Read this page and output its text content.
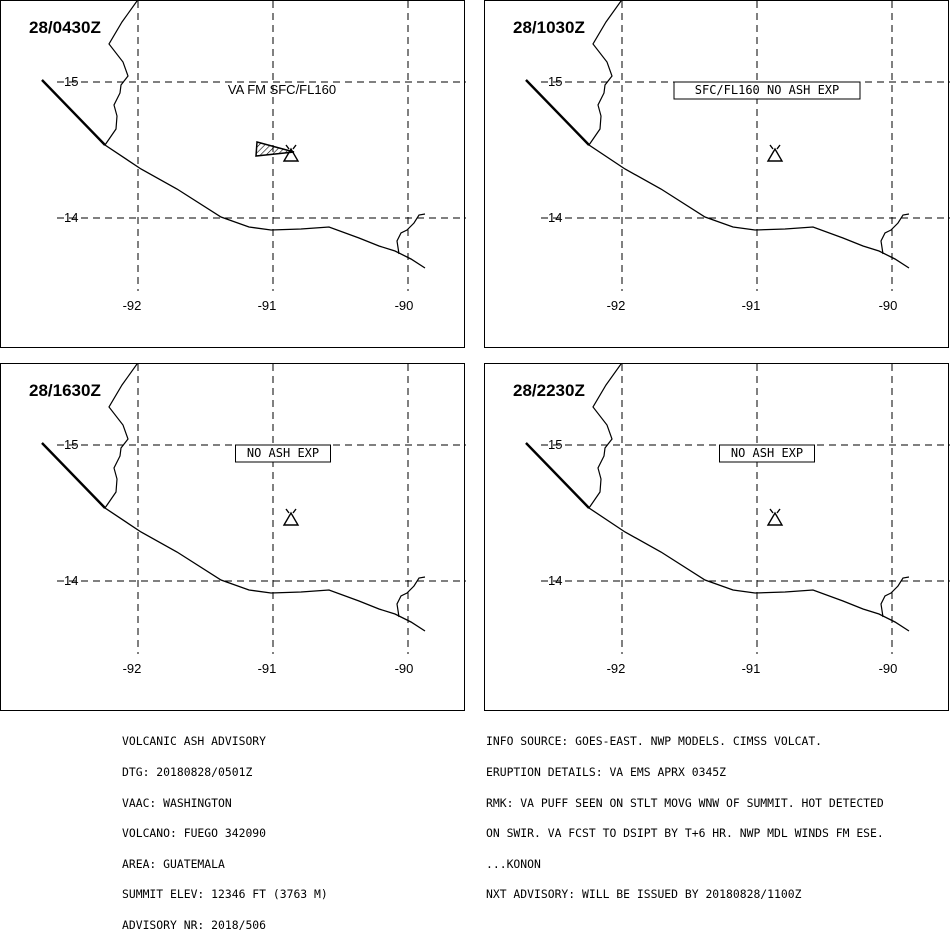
15
14
-92	-91	-90
VA FM SFC/FL160
28/0430Z
15
14
-92	-91	-90
SFC/FL160 NO ASH EXP
28/1030Z
15
14
-92	-91	-90
NO ASH EXP
28/1630Z
15
14
-92	-91	-90
NO ASH EXP
28/2230Z

VOLCANIC ASH ADVISORY

DTG: 20180828/0501Z

VAAC: WASHINGTON

VOLCANO: FUEGO 342090

AREA: GUATEMALA

SUMMIT ELEV: 12346 FT (3763 M)

ADVISORY NR: 2018/506

INFO SOURCE: GOES-EAST. NWP MODELS. CIMSS VOLCAT.

ERUPTION DETAILS: VA EMS APRX 0345Z

RMK: VA PUFF SEEN ON STLT MOVG WNW OF SUMMIT. HOT DETECTED

ON SWIR. VA FCST TO DSIPT BY T+6 HR. NWP MDL WINDS FM ESE.

...KONON

NXT ADVISORY: WILL BE ISSUED BY 20180828/1100Z
